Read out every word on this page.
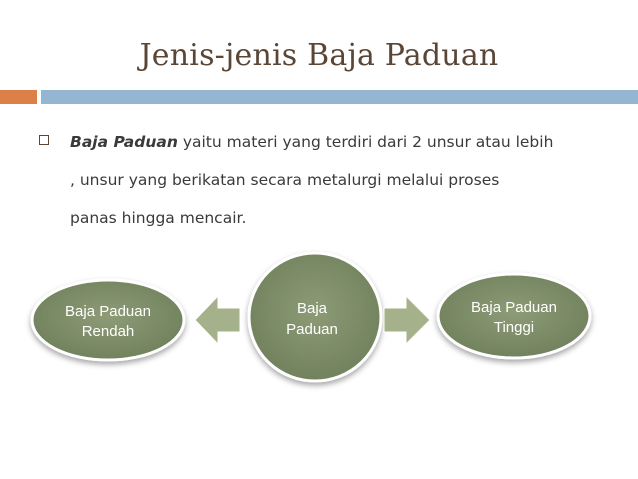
Jenis-jenis Baja Paduan
Baja Paduan yaitu materi yang terdiri dari 2 unsur atau lebih
, unsur yang berikatan secara metalurgi melalui proses
panas hingga mencair.
Baja Paduan
Rendah
Baja
Paduan
Baja Paduan
Tinggi
